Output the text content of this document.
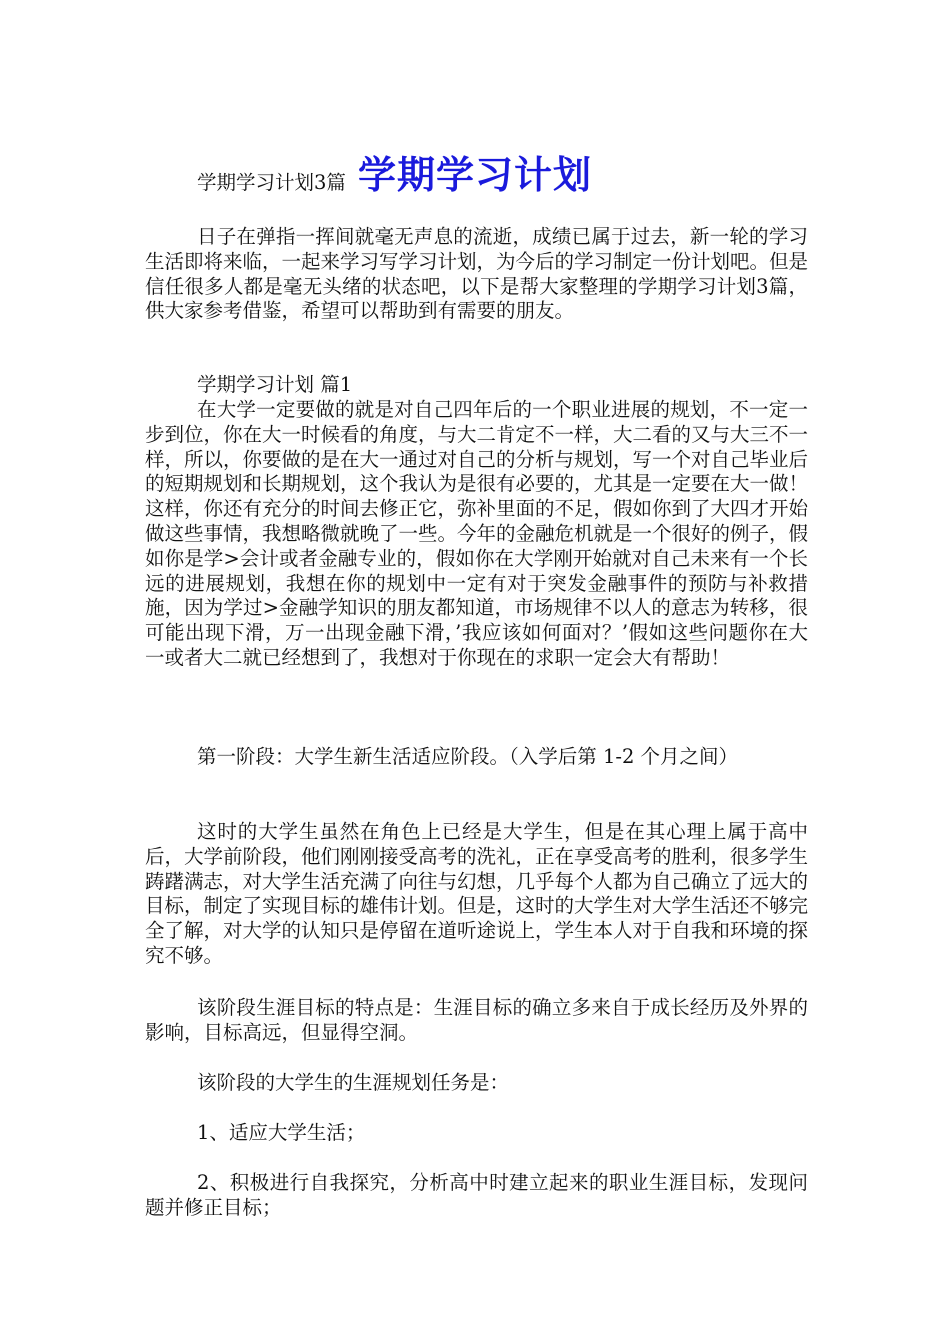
学期学习计划

学期学习计划3篇

日子在弹指一挥间就毫无声息的流逝，成绩已属于过去，新一轮的学习生活即将来临，一起来学习写学习计划，为今后的学习制定一份计划吧。但是信任很多人都是毫无头绪的状态吧，以下是帮大家整理的学期学习计划3篇，供大家参考借鉴，希望可以帮助到有需要的朋友。

学期学习计划 篇1

在大学一定要做的就是对自己四年后的一个职业进展的规划，不一定一步到位，你在大一时候看的角度，与大二肯定不一样，大二看的又与大三不一样，所以，你要做的是在大一通过对自己的分析与规划，写一个对自己毕业后的短期规划和长期规划，这个我认为是很有必要的，尤其是一定要在大一做！这样，你还有充分的时间去修正它，弥补里面的不足，假如你到了大四才开始做这些事情，我想略微就晚了一些。今年的金融危机就是一个很好的例子，假如你是学>会计或者金融专业的，假如你在大学刚开始就对自己未来有一个长远的进展规划，我想在你的规划中一定有对于突发金融事件的预防与补救措施，因为学过>金融学知识的朋友都知道，市场规律不以人的意志为转移，很可能出现下滑，万一出现金融下滑，’我应该如何面对？’假如这些问题你在大一或者大二就已经想到了，我想对于你现在的求职一定会大有帮助！

第一阶段：大学生新生活适应阶段。（入学后第 1-2 个月之间）

这时的大学生虽然在角色上已经是大学生，但是在其心理上属于高中后，大学前阶段，他们刚刚接受高考的洗礼，正在享受高考的胜利，很多学生踌躇满志，对大学生活充满了向往与幻想，几乎每个人都为自己确立了远大的目标，制定了实现目标的雄伟计划。但是，这时的大学生对大学生活还不够完全了解，对大学的认知只是停留在道听途说上，学生本人对于自我和环境的探究不够。

该阶段生涯目标的特点是：生涯目标的确立多来自于成长经历及外界的影响，目标高远，但显得空洞。

该阶段的大学生的生涯规划任务是：

1、适应大学生活；

2、积极进行自我探究，分析高中时建立起来的职业生涯目标，发现问题并修正目标；
